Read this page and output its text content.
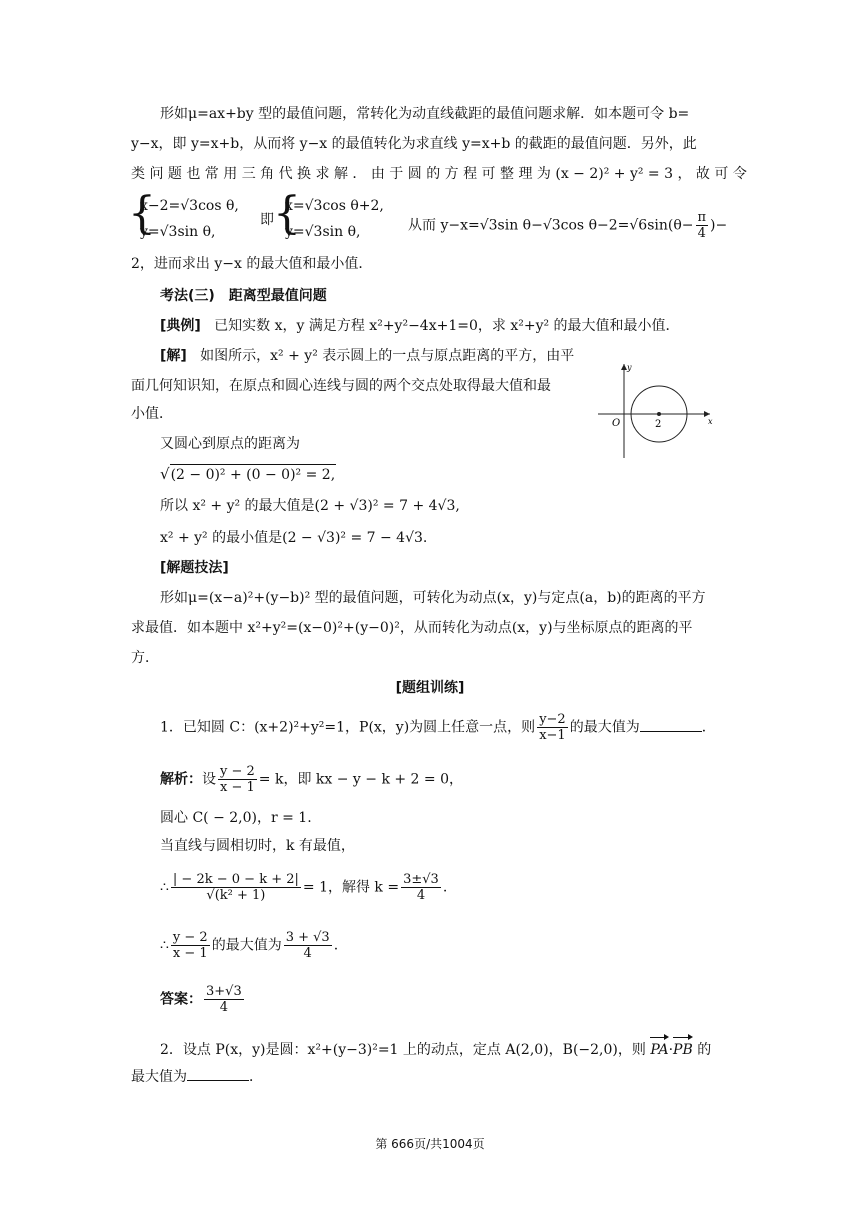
形如μ=ax+by 型的最值问题，常转化为动直线截距的最值问题求解．如本题可令 b=
y−x，即 y=x+b，从而将 y−x 的最值转化为求直线 y=x+b 的截距的最值问题．另外，此
类 问 题 也 常 用 三 角 代 换 求 解 ． 由 于 圆 的 方 程 可 整 理 为 (x − 2)² + y² = 3 ， 故 可 令
{
x−2=√3cos θ,
y=√3sin θ,
即 {
x=√3cos θ+2,
y=√3sin θ,	从而 y−x=√3sin θ−√3cos $\theta-2=√6\sin(\theta- \frac{\pi}{4}$ )−
2，进而求出 y−x 的最大值和最小值．
考法(三)　距离型最值问题
[典例] 已知实数 x，y 满足方程 x²+y²−4x+1=0，求 x²+y² 的最大值和最小值．
[解] 如图所示，x² + y² 表示圆上的一点与原点距离的平方，由平
面几何知识知，在原点和圆心连线与圆的两个交点处取得最大值和最
小值．
又圆心到原点的距离为
√(2 − 0)² + (0 − 0)² = 2,
所以 x² + y² 的最大值是(2 + √3)² = 7 + 4√3,
x² + y² 的最小值是(2 − √3)² = 7 − 4√3.
O	2
y
x
[解题技法]
形如μ=(x−a)²+(y−b)² 型的最值问题，可转化为动点(x，y)与定点(a，b)的距离的平方
求最值．如本题中 x²+y²=(x−0)²+(y−0)²，从而转化为动点(x，y)与坐标原点的距离的平
方．
[题组训练]
1．已知圆 C：(x+2)²+y²=1，P(x，y)为圆上任意一点，则 $\frac{y-2}{x-1}$ 的最大值为	．
解析：设 $\frac{y - 2}{x - 1} = k$，即 kx − y − k + 2 = 0，
圆心 C( − 2,0)，r = 1.
当直线与圆相切时，k 有最值，
∴ $\frac{| - 2k - 0 - k + 2|}{\text{√(k² + 1)}} = 1$，解得 $k = \frac{3\pm√3}{4}$ .
∴ $\frac{y - 2}{x - 1}$ 的最大值为 $\frac{3 + √3}{4}$ .
答案： $\frac{3+√3}{4}$
2．设点 P(x，y)是圆：x²+(y−3)²=1 上的动点，定点 A(2,0)，B(−2,0)，则 PA·PB 的
最大值为	．
第 666页/共1004页
